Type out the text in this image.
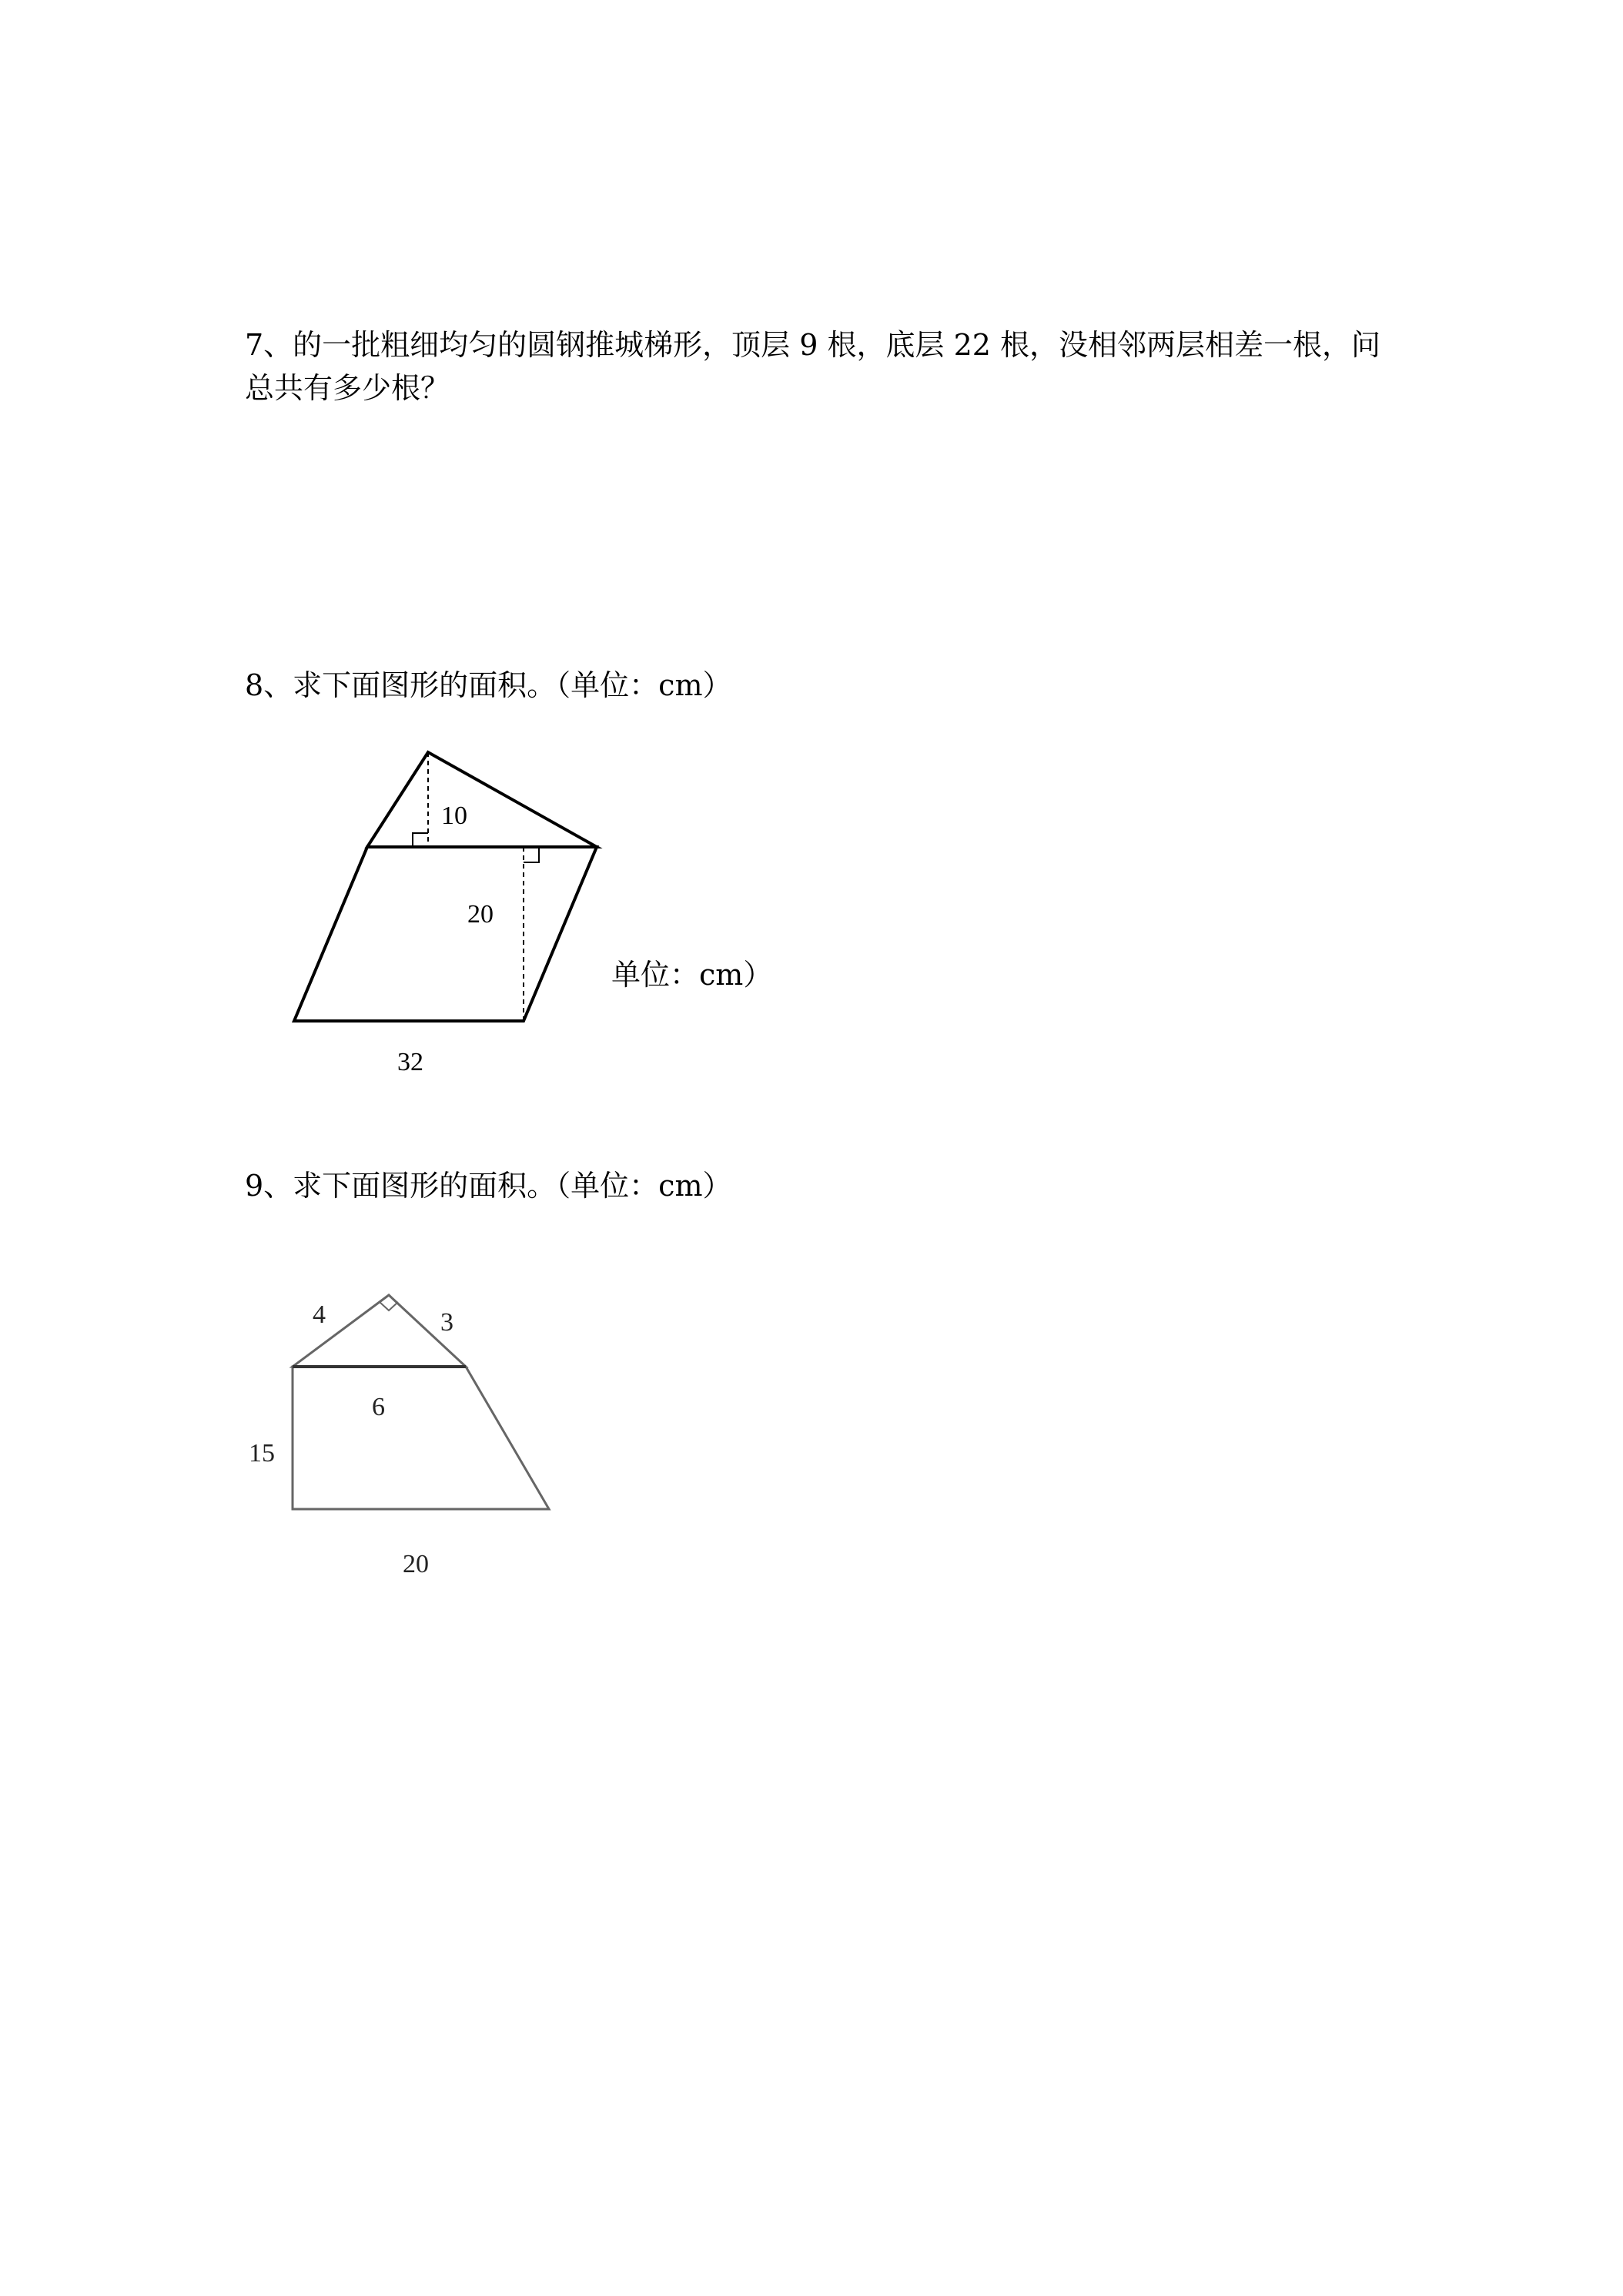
7、的一批粗细均匀的圆钢推城梯形，顶层 9 根，底层 22 根，没相邻两层相差一根，问总共有多少根？
8、求下面图形的面积。（单位：cm）
10
20
32
单位：cm）
9、求下面图形的面积。（单位：cm）
4	3
6
15
20
